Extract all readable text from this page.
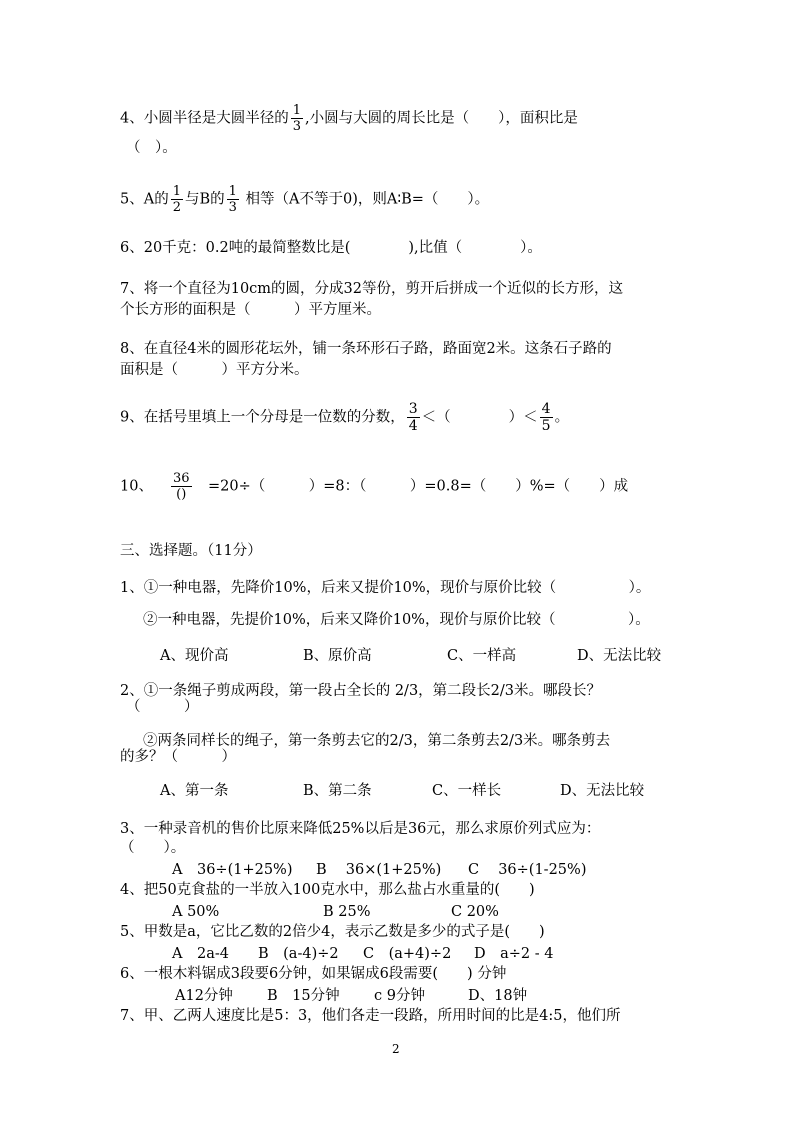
4、小圆半径是大圆半径的 $\frac{1}{3}$ ,小圆与大圆的周长比是（　　），面积比是
（　）。
5、A的 $\frac{1}{2}$ 与B的 $\frac{1}{3}$ 相等（A不等于0)，则A∶B=（　　）。
6、20千克：0.2吨的最简整数比是(　　　　),比值（　　　　）。
7、将一个直径为10cm的圆，分成32等份，剪开后拼成一个近似的长方形，这
个长方形的面积是（　　　）平方厘米。
8、在直径4米的圆形花坛外，铺一条环形石子路，路面宽2米。这条石子路的
面积是（　　　）平方分米。
9、在括号里填上一个分母是一位数的分数， $\frac{3}{4}$ ＜（　　　　）＜ $\frac{4}{5}$ 。
10、 $\frac{36}{()}$ 　=20÷（　　　）=8：（　　　）=0.8=（　　）%=（　　）成
三、选择题。（11分）
1、①一种电器，先降价10%，后来又提价10%，现价与原价比较（　　　　　）。
②一种电器，先提价10%，后来又降价10%，现价与原价比较（　　　　　）。
A、现价高	B、原价高	C、一样高	D、无法比较
2、①一条绳子剪成两段，第一段占全长的 2/3，第二段长2/3米。哪段长？
（　　　）
②两条同样长的绳子，第一条剪去它的2/3，第二条剪去2/3米。哪条剪去
的多？（　　　）
A、第一条	B、第二条	C、一样长	D、无法比较
3、一种录音机的售价比原来降低25%以后是36元，那么求原价列式应为：
（　　）。
A　36÷(1+25%) B　 36×(1+25%) C　 36÷(1-25%)
4、把50克食盐的一半放入100克水中，那么盐占水重量的(　　)
A 50%	B 25%	C 20%
5、甲数是a，它比乙数的2倍少4，表示乙数是多少的式子是(　　)
A　2a-4 B　(a-4)÷2 C　(a+4)÷2 D　a÷2 - 4
6、一根木料锯成3段要6分钟，如果锯成6段需要(　　) 分钟
A12分钟 B　15分钟 c 9分钟	D、18钟
7、甲、乙两人速度比是5：3，他们各走一段路，所用时间的比是4:5，他们所
2
